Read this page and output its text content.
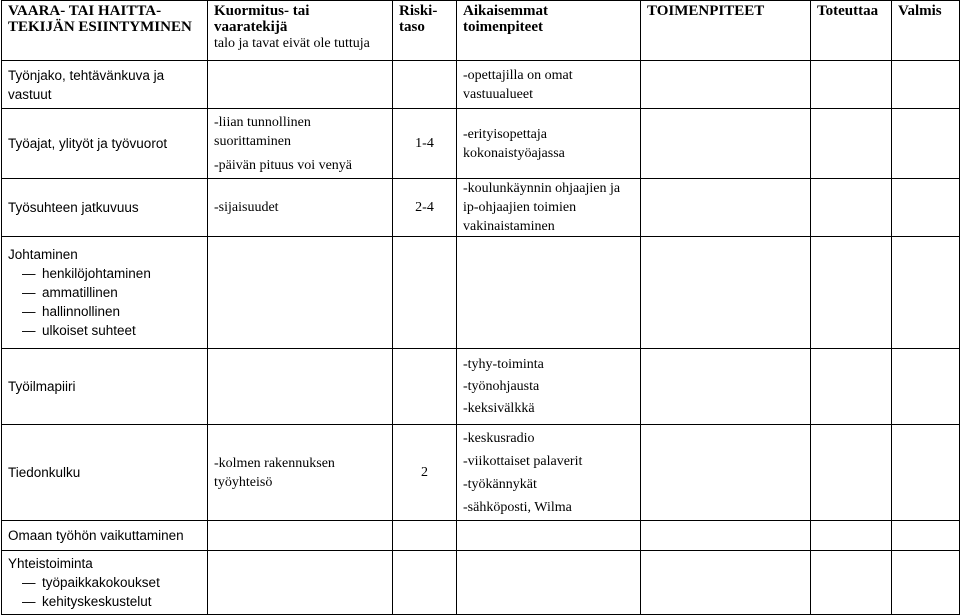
VAARA- TAI HAITTA-
TEKIJÄN ESIINTYMINEN	Kuormitus- tai
vaaratekijä
talo ja tavat eivät ole tuttuja	Riski-
taso	Aikaisemmat
toimenpiteet	TOIMENPITEET	Toteuttaa	Valmis
Työnjako, tehtävänkuva ja vastuut			-opettajilla on omat vastuualueet			
Työajat, ylityöt ja työvuorot	-liian tunnollinen suorittaminen
-päivän pituus voi venyä	1-4	-erityisopettaja kokonaistyöajassa			
Työsuhteen jatkuvuus	-sijaisuudet	2-4	-koulunkäynnin ohjaajien ja ip-ohjaajien toimien vakinaistaminen			

Johtaminen
— henkilöjohtaminen
— ammatillinen
— hallinnollinen
— ulkoiset suhteet

Työilmapiiri			-tyhy-toiminta
-työnohjausta
-keksivälkkä			

Tiedonkulku	-kolmen rakennuksen työyhteisö	2	-keskusradio
-viikottaiset palaverit
-työkännykät
-sähköposti, Wilma			

Omaan työhön vaikuttaminen						

Yhteistoiminta
— työpaikkakokoukset
— kehityskeskustelut
